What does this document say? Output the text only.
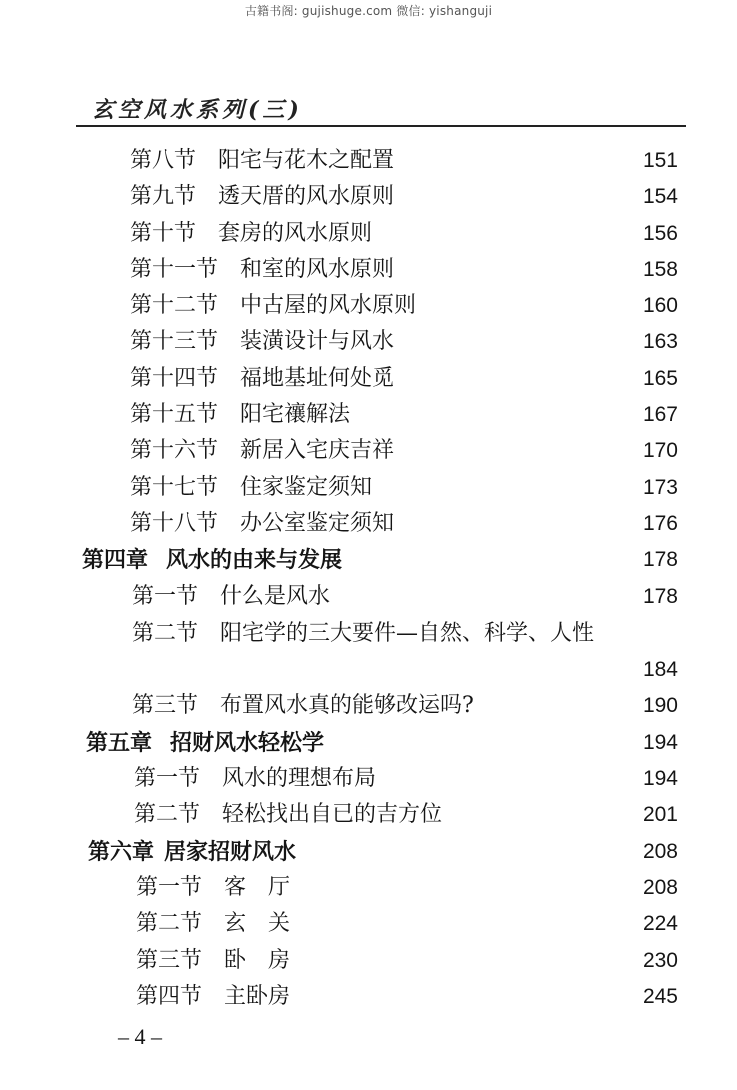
古籍书阁: gujishuge.com 微信: yishanguji
玄空风水系列(三)
第八节	阳宅与花木之配置	151
第九节	透天厝的风水原则	154
第十节	套房的风水原则	156
第十一节	和室的风水原则	158
第十二节	中古屋的风水原则	160
第十三节	装潢设计与风水	163
第十四节	福地基址何处觅	165
第十五节	阳宅禳解法	167
第十六节	新居入宅庆吉祥	170
第十七节	住家鉴定须知	173
第十八节	办公室鉴定须知	176
第四章 风水的由来与发展	178
第一节	什么是风水	178
第二节	阳宅学的三大要件—自然、科学、人性
184
第三节	布置风水真的能够改运吗?	190
第五章 招财风水轻松学	194
第一节	风水的理想布局	194
第二节	轻松找出自已的吉方位	201
第六章 居家招财风水	208
第一节	客　厅	208
第二节	玄　关	224
第三节	卧　房	230
第四节	主卧房	245
– 4 –
